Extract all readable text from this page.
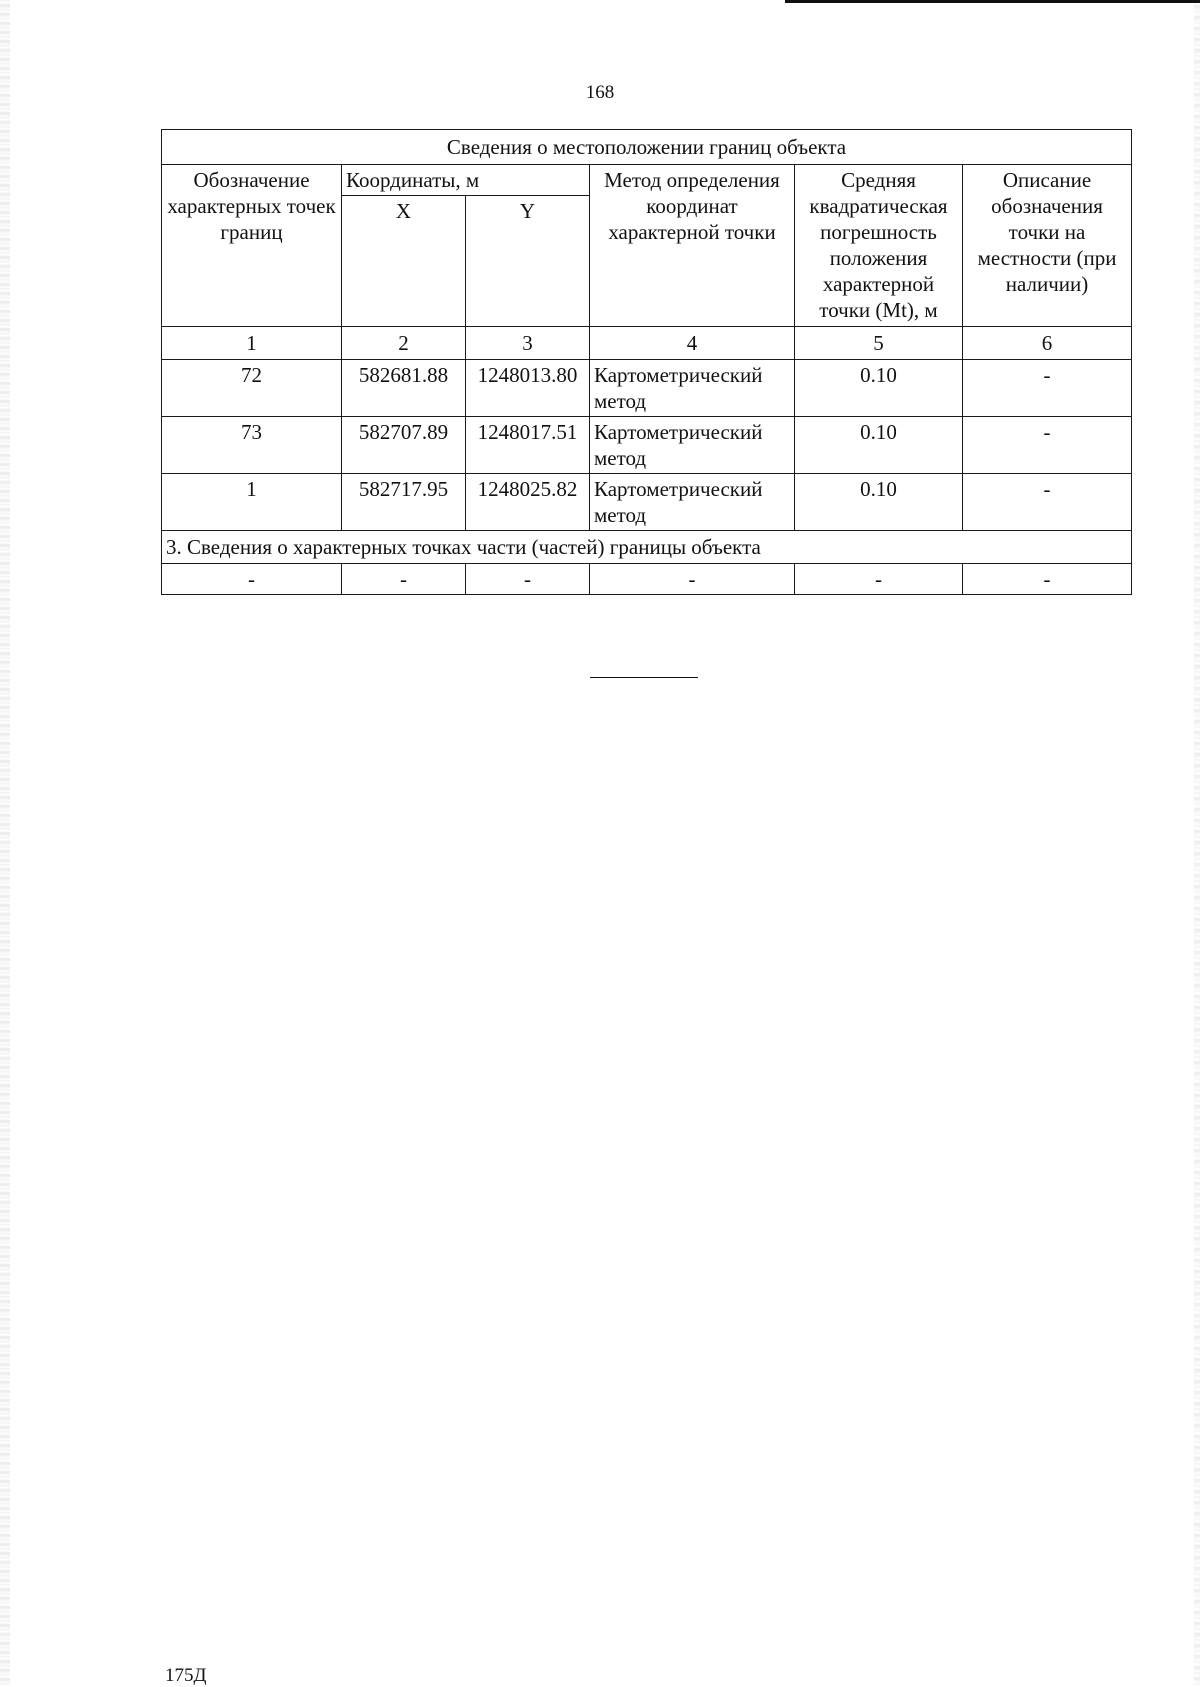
168
Сведения о местоположении границ объекта					
Обозначение характерных точек границ	Координаты, м		Метод определения координат характерной точки	Средняя квадратическая погрешность положения характерной точки (Mt), м	Описание обозначения точки на местности (при наличии)
	X	Y			
1	2	3	4	5	6
72	582681.88	1248013.80	Картометрический метод	0.10	-
73	582707.89	1248017.51	Картометрический метод	0.10	-
1	582717.95	1248025.82	Картометрический метод	0.10	-
3. Сведения о характерных точках части (частей) границы объекта					
-	-	-	-	-	-
175Д
